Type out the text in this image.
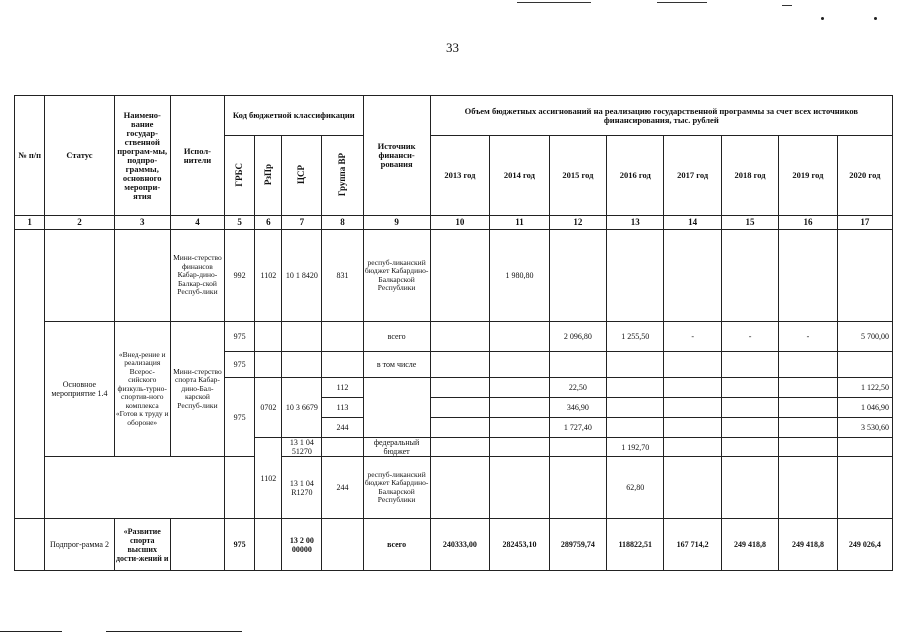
33
№ п/п	Статус	Наимено-вание государ-ственной програм-мы, подпро-граммы, основного меропри-ятия	Испол-нители	Код бюджетной классификации				Источник финанси-рования	Объем бюджетных ассигнований на реализацию государственной программы за счет всех источников финансирования, тыс. рублей							
				ГРБС	РзПр	ЦСР	Группа ВР		2013 год	2014 год	2015 год	2016 год	2017 год	2018 год	2019 год	2020 год
1	2	3	4	5	6	7	8	9	10	11	12	13	14	15	16	17
			Мини-стерство финансов Кабар-дино-Балкар-ской Респуб-лики	992	1102	10 1 8420	831	респуб-ликанский бюджет Кабардино-Балкарской Республики		1 980,80						
	Основное мероприятие 1.4	«Внед-рение и реализация Всерос-сийского физкуль-турно-спортив-ного комплекса «Готов к труду и обороне»	Мини-стерство спорта Кабар-дино-Бал-карской Респуб-лики	975				всего			2 096,80	1 255,50	-	-	-	5 700,00
				975				в том числе								
				975	0702	10 3 6679	112				22,50					1 122,50
							113				346,90					1 046,90
							244				1 727,40					3 530,60
					1102	13 1 04 51270		федеральный бюджет				1 192,70				
						13 1 04 R1270	244	респуб-ликанский бюджет Кабардино-Балкарской Республики				62,80				
	Подпрог-рамма 2	«Развитие спорта высших дости-жений и		975		13 2 00 00000		всего	240333,00	282453,10	289759,74	118822,51	167 714,2	249 418,8	249 418,8	249 026,4
